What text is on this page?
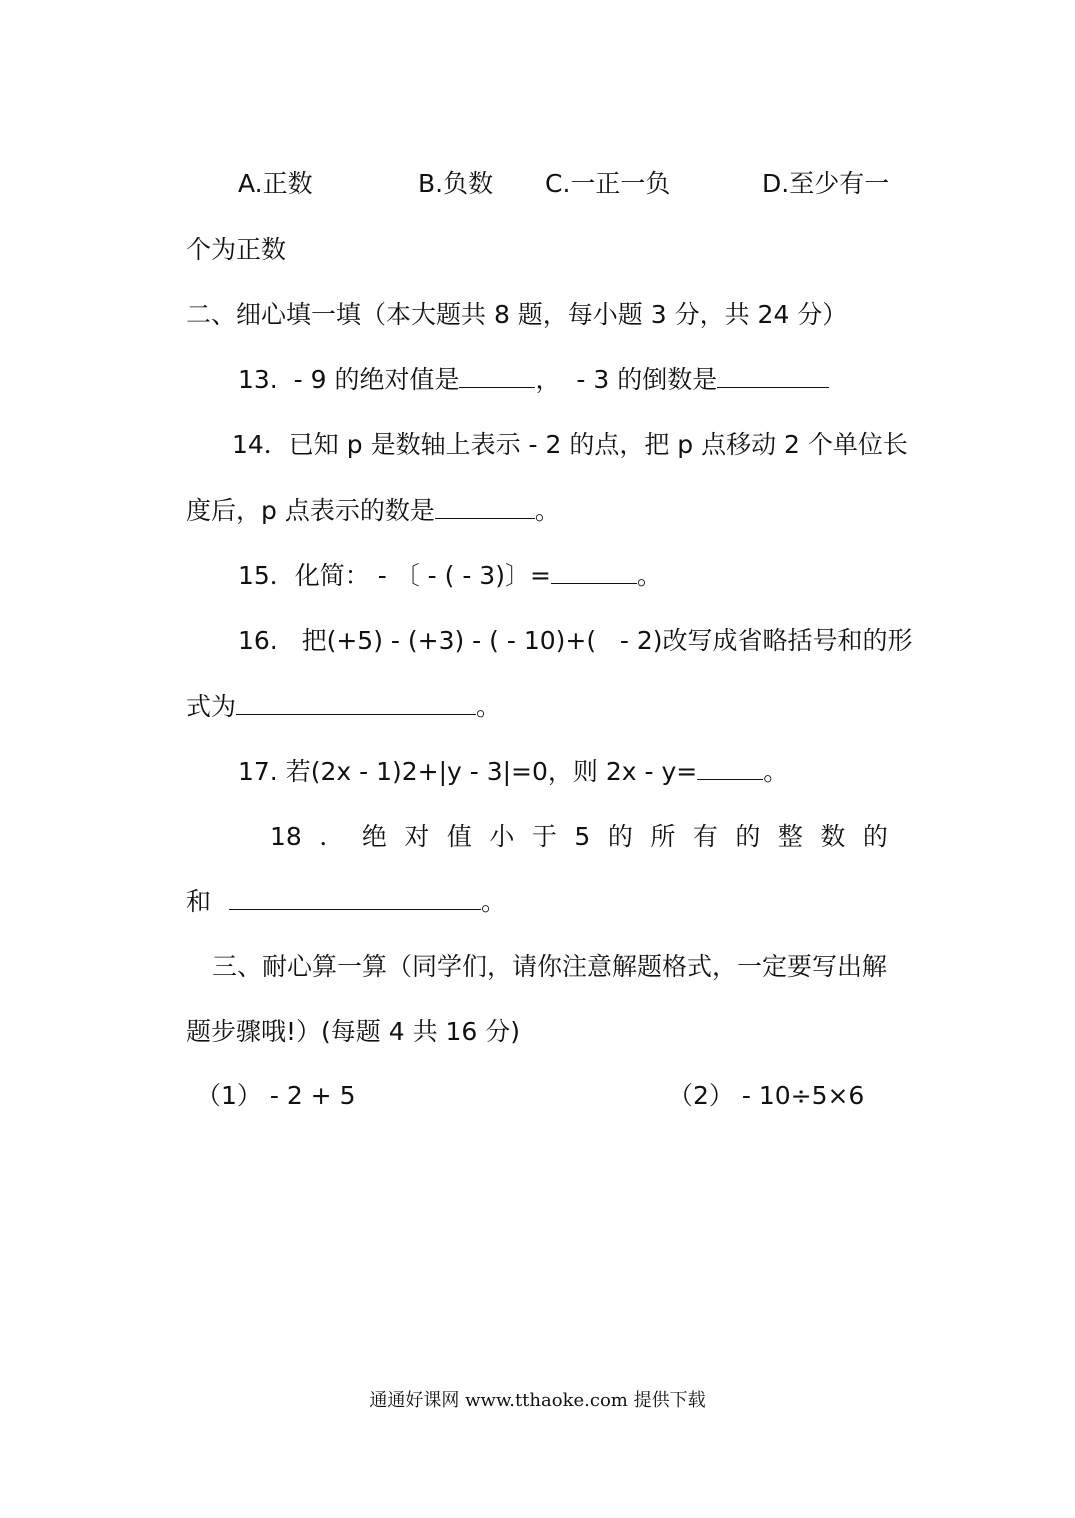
A.正数	B.负数 C.一正一负	D.至少有一
个为正数
二、细心填一填（本大题共 8 题，每小题 3 分，共 24 分）
13.  - 9 的绝对值是	，  - 3 的倒数是
14．已知 p 是数轴上表示 - 2 的点，把 p 点移动 2 个单位长
度后，p 点表示的数是	。
15．化简： - 〔 - ( - 3)〕=	。
16.   把(+5) - (+3) - ( - 10)+(   - 2)改写成省略括号和的形
式为	。
17. 若(2x - 1)2+|y - 3|=0，则 2x - y=	。
18 ． 绝 对 值 小 于 5 的 所 有 的 整 数 的
和	。
三、耐心算一算（同学们，请你注意解题格式，一定要写出解
题步骤哦!）(每题 4 共 16 分)
（1） - 2 + 5	（2） - 10÷5×6
通通好课网 www.tthaoke.com 提供下载
